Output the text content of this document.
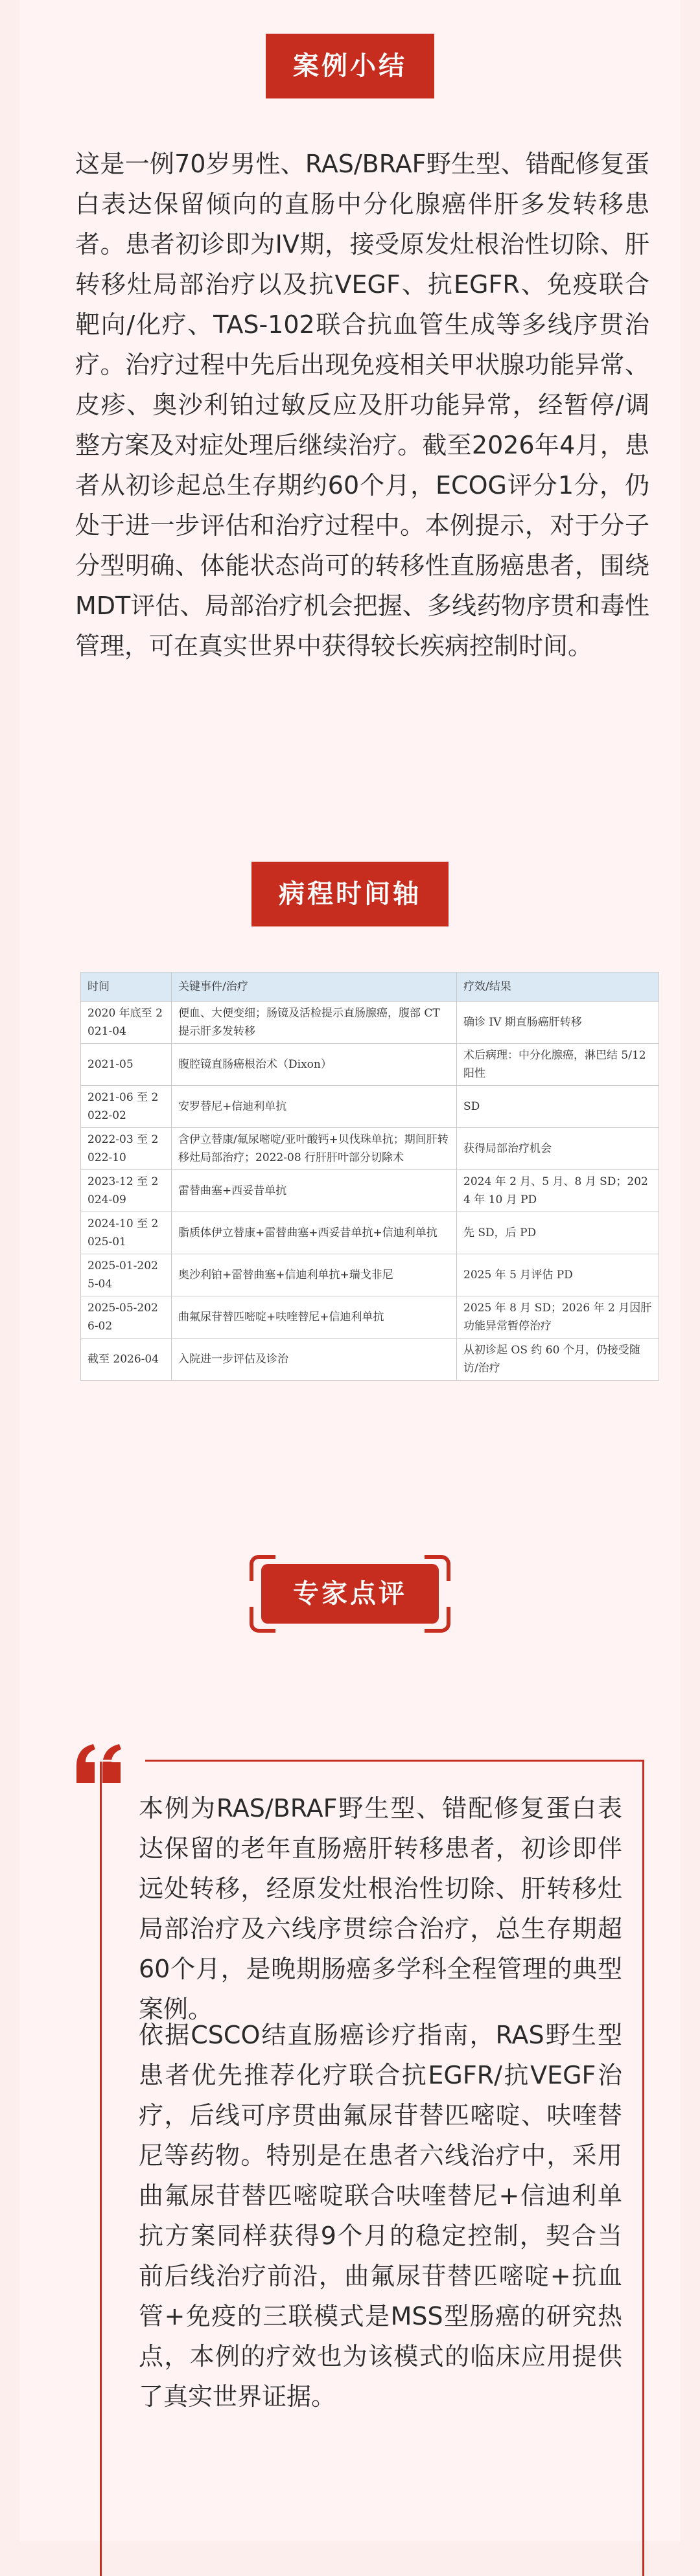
案例小结

这是一例70岁男性、RAS/BRAF野生型、错配修复蛋白表达保留倾向的直肠中分化腺癌伴肝多发转移患者。患者初诊即为IV期，接受原发灶根治性切除、肝转移灶局部治疗以及抗VEGF、抗EGFR、免疫联合靶向/化疗、TAS-102联合抗血管生成等多线序贯治疗。治疗过程中先后出现免疫相关甲状腺功能异常、皮疹、奥沙利铂过敏反应及肝功能异常，经暂停/调整方案及对症处理后继续治疗。截至2026年4月，患者从初诊起总生存期约60个月，ECOG评分1分，仍处于进一步评估和治疗过程中。本例提示，对于分子分型明确、体能状态尚可的转移性直肠癌患者，围绕MDT评估、局部治疗机会把握、多线药物序贯和毒性管理，可在真实世界中获得较长疾病控制时间。

病程时间轴
时间	关键事件/治疗	疗效/结果
2020 年底至 2021-04	便血、大便变细；肠镜及活检提示直肠腺癌，腹部 CT 提示肝多发转移	确诊 IV 期直肠癌肝转移
2021-05	腹腔镜直肠癌根治术（Dixon）	术后病理：中分化腺癌，淋巴结 5/12 阳性
2021-06 至 2022-02	安罗替尼+信迪利单抗	SD
2022-03 至 2022-10	含伊立替康/氟尿嘧啶/亚叶酸钙+贝伐珠单抗；期间肝转移灶局部治疗；2022-08 行肝肝叶部分切除术	获得局部治疗机会
2023-12 至 2024-09	雷替曲塞+西妥昔单抗	2024 年 2 月、5 月、8 月 SD；2024 年 10 月 PD
2024-10 至 2025-01	脂质体伊立替康+雷替曲塞+西妥昔单抗+信迪利单抗	先 SD，后 PD
2025-01-2025-04	奥沙利铂+雷替曲塞+信迪利单抗+瑞戈非尼	2025 年 5 月评估 PD
2025-05-2026-02	曲氟尿苷替匹嘧啶+呋喹替尼+信迪利单抗	2025 年 8 月 SD；2026 年 2 月因肝功能异常暂停治疗
截至 2026-04	入院进一步评估及诊治	从初诊起 OS 约 60 个月，仍接受随访/治疗
专家点评

本例为RAS/BRAF野生型、错配修复蛋白表达保留的老年直肠癌肝转移患者，初诊即伴远处转移，经原发灶根治性切除、肝转移灶局部治疗及六线序贯综合治疗，总生存期超60个月，是晚期肠癌多学科全程管理的典型案例。

依据CSCO结直肠癌诊疗指南，RAS野生型患者优先推荐化疗联合抗EGFR/抗VEGF治疗，后线可序贯曲氟尿苷替匹嘧啶、呋喹替尼等药物。特别是在患者六线治疗中，采用曲氟尿苷替匹嘧啶联合呋喹替尼+信迪利单抗方案同样获得9个月的稳定控制，契合当前后线治疗前沿，曲氟尿苷替匹嘧啶+抗血管+免疫的三联模式是MSS型肠癌的研究热点，本例的疗效也为该模式的临床应用提供了真实世界证据。
